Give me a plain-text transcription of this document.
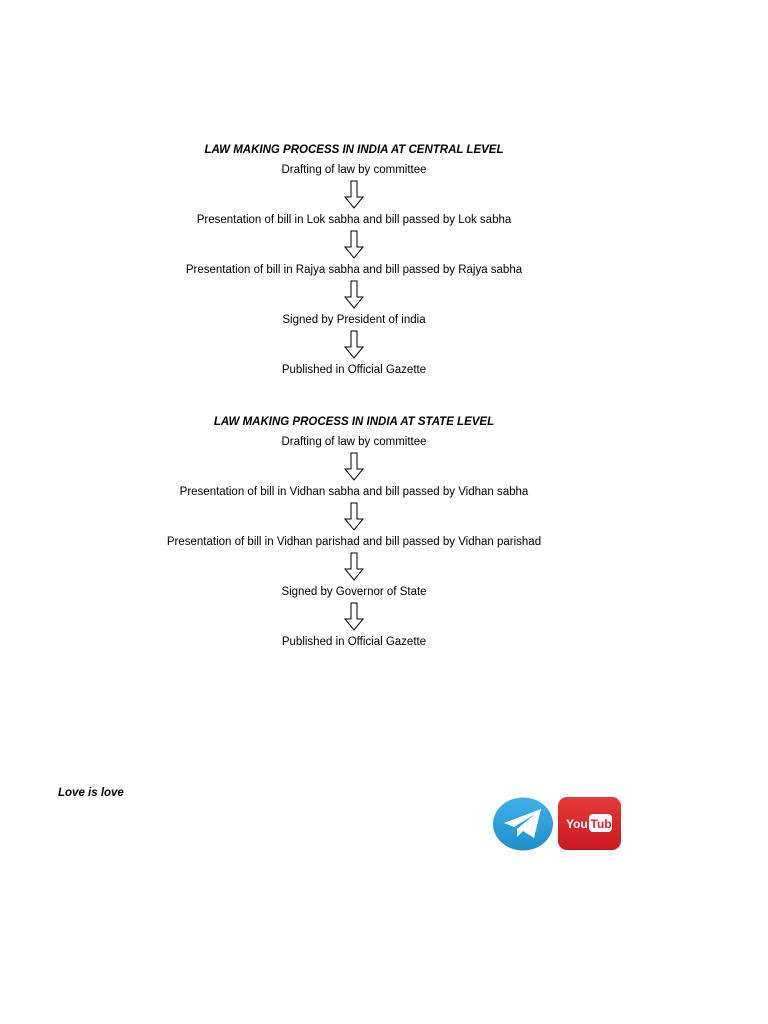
LAW MAKING PROCESS IN INDIA AT CENTRAL LEVEL
Drafting of law by committee
Presentation of bill in Lok sabha and bill passed by Lok sabha
Presentation of bill in Rajya sabha and bill passed by Rajya sabha
Signed by President of india
Published in Official Gazette
LAW MAKING PROCESS IN INDIA AT STATE LEVEL
Drafting of law by committee
Presentation of bill in Vidhan sabha and bill passed by Vidhan sabha
Presentation of bill in Vidhan parishad and bill passed by Vidhan parishad
Signed by Governor of State
Published in Official Gazette
Love is love
You Tube
